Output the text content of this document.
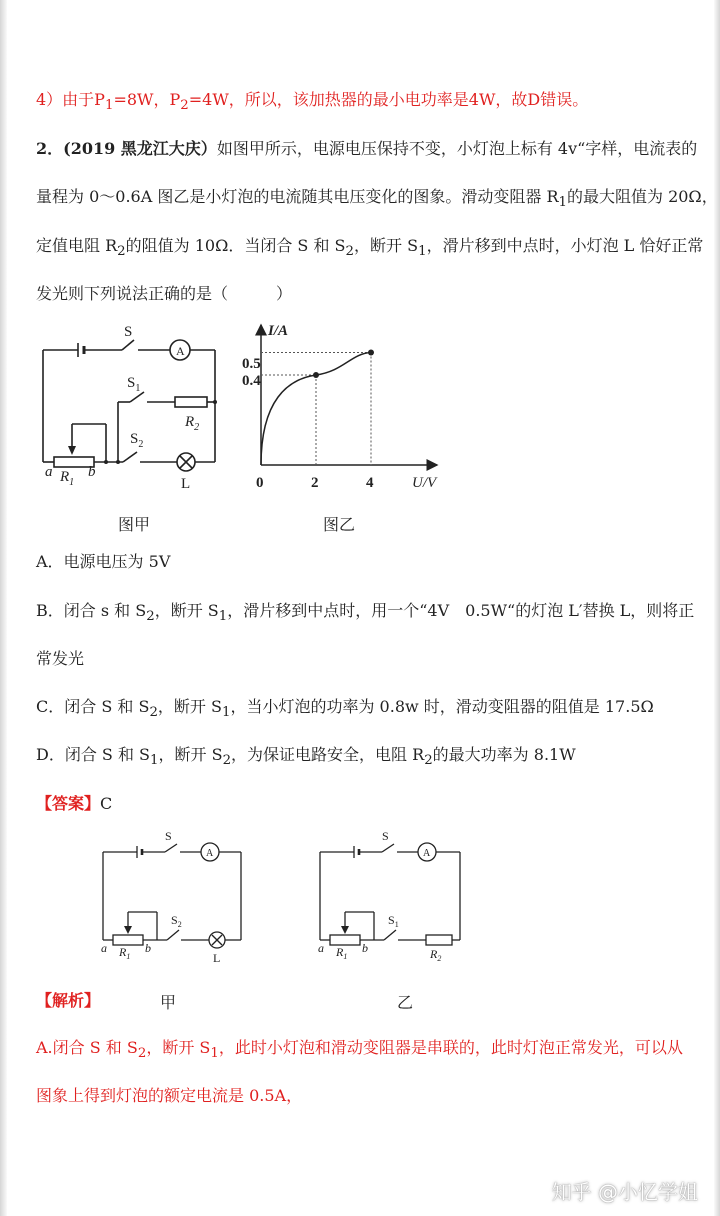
4）由于$P_1=8W$，$P_2=4W$，所以，该加热器的最小电功率是4W，故D错误。
2．(2019 黑龙江大庆）如图甲所示，电源电压保持不变，小灯泡上标有 4v“字样，电流表的
量程为 0～0.6A 图乙是小灯泡的电流随其电压变化的图象。滑动变阻器 $R_1$的最大阻值为 20Ω，
定值电阻 $R_2$的阻值为 10Ω．当闭合 S 和 $S_2$，断开 $S_1$，滑片移到中点时，小灯泡 L 恰好正常
发光则下列说法正确的是（　　　）
S
A
$S_1$
$R_2$
$S_2$
a b
$R_1$	L
I/A
U/V
0.5
0.4
0	2	4
图甲	图乙
A．电源电压为 5V
B．闭合 s 和 $S_2$，断开 $S_1$，滑片移到中点时，用一个“4V　0.5W“的灯泡 L′替换 L，则将正
常发光
C．闭合 S 和 $S_2$，断开 $S_1$，当小灯泡的功率为 0.8w 时，滑动变阻器的阻值是 17.5Ω
D．闭合 S 和 $S_1$，断开 $S_2$，为保证电路安全，电阻 $R_2$的最大功率为 8.1W
【答案】C
S
A
$S_2$
a	b
$R_1$	L
S
A
$S_1$
a	b
$R_1$	$R_2$
【解析】	甲	乙
A.闭合 S 和 $S_2$，断开 $S_1$，此时小灯泡和滑动变阻器是串联的，此时灯泡正常发光，可以从
图象上得到灯泡的额定电流是 0.5A，
知乎 @小忆学姐
